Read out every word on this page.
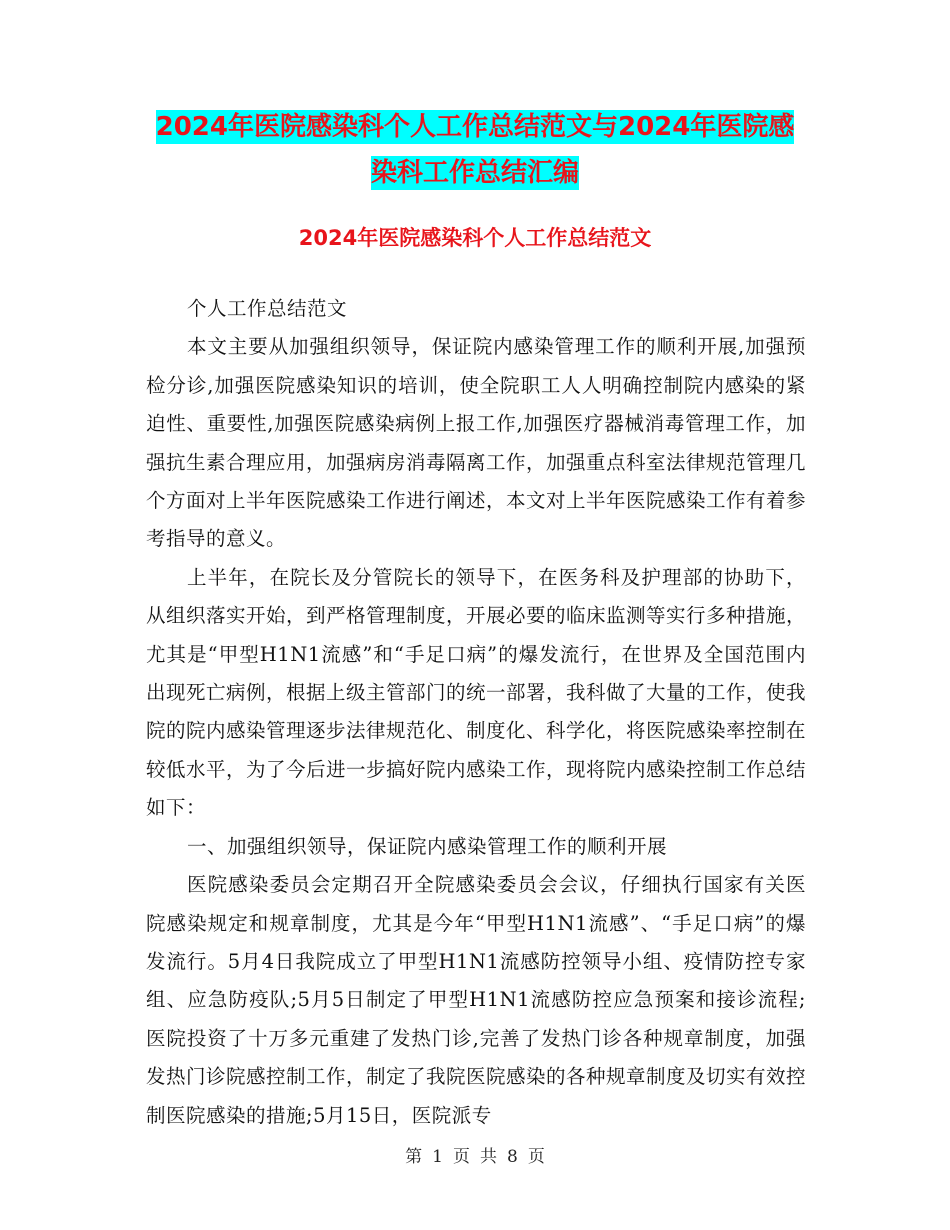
2024年医院感染科个人工作总结范文与2024年医院感
染科工作总结汇编
2024年医院感染科个人工作总结范文

个人工作总结范文

本文主要从加强组织领导，保证院内感染管理工作的顺利开展,加强预检分诊,加强医院感染知识的培训，使全院职工人人明确控制院内感染的紧迫性、重要性,加强医院感染病例上报工作,加强医疗器械消毒管理工作，加强抗生素合理应用，加强病房消毒隔离工作，加强重点科室法律规范管理几个方面对上半年医院感染工作进行阐述，本文对上半年医院感染工作有着参考指导的意义。

上半年，在院长及分管院长的领导下，在医务科及护理部的协助下，从组织落实开始，到严格管理制度，开展必要的临床监测等实行多种措施，尤其是“甲型H1N1流感”和“手足口病”的爆发流行，在世界及全国范围内出现死亡病例，根据上级主管部门的统一部署，我科做了大量的工作，使我院的院内感染管理逐步法律规范化、制度化、科学化，将医院感染率控制在较低水平，为了今后进一步搞好院内感染工作，现将院内感染控制工作总结如下：

一、加强组织领导，保证院内感染管理工作的顺利开展

医院感染委员会定期召开全院感染委员会会议，仔细执行国家有关医院感染规定和规章制度，尤其是今年“甲型H1N1流感”、“手足口病”的爆发流行。5月4日我院成立了甲型H1N1流感防控领导小组、疫情防控专家组、应急防疫队;5月5日制定了甲型H1N1流感防控应急预案和接诊流程;医院投资了十万多元重建了发热门诊,完善了发热门诊各种规章制度，加强发热门诊院感控制工作，制定了我院医院感染的各种规章制度及切实有效控制医院感染的措施;5月15日，医院派专

第 1 页 共 8 页
